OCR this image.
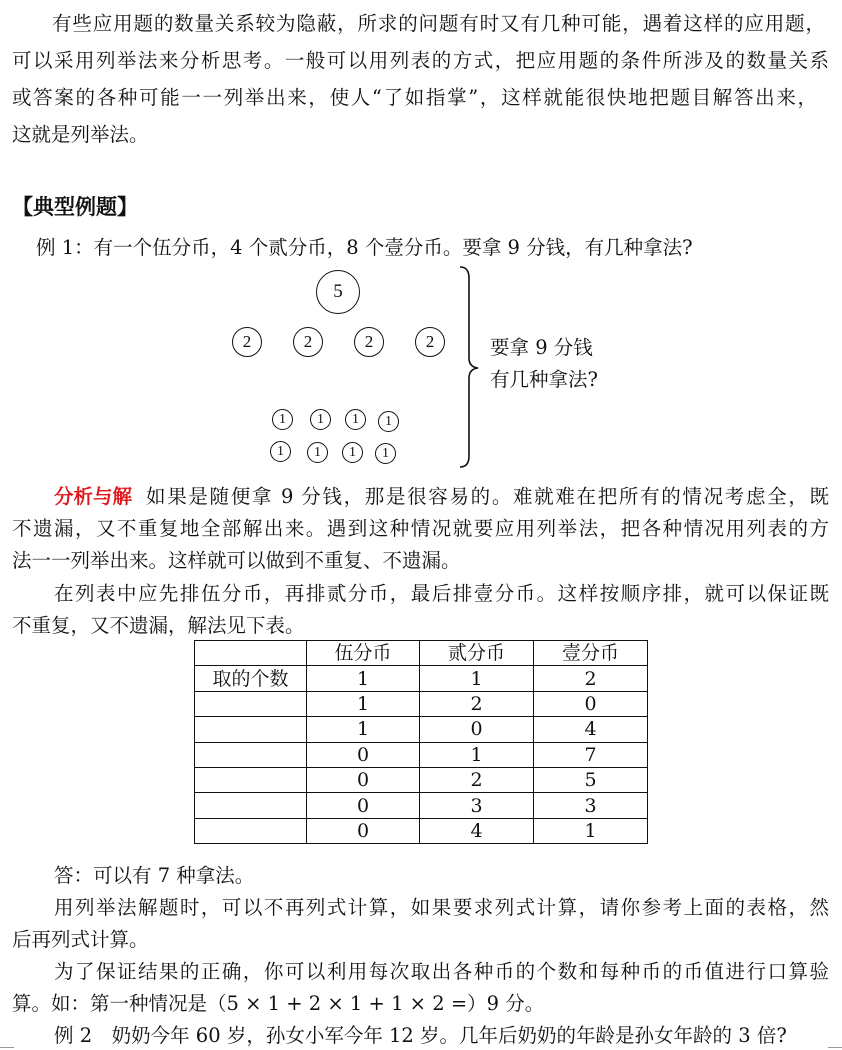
有些应用题的数量关系较为隐蔽，所求的问题有时又有几种可能，遇着这样的应用题，
可以采用列举法来分析思考。一般可以用列表的方式，把应用题的条件所涉及的数量关系
或答案的各种可能一一列举出来，使人“了如指掌”，这样就能很快地把题目解答出来，
这就是列举法。
【典型例题】
例 1：有一个伍分币，4 个贰分币，8 个壹分币。要拿 9 分钱，有几种拿法?
5
2	2	2	2
1	1	1	1
1	1	1	1
要拿 9 分钱
有几种拿法?
分析与解 如果是随便拿 9 分钱，那是很容易的。难就难在把所有的情况考虑全，既
不遗漏，又不重复地全部解出来。遇到这种情况就要应用列举法，把各种情况用列表的方
法一一列举出来。这样就可以做到不重复、不遗漏。
在列表中应先排伍分币，再排贰分币，最后排壹分币。这样按顺序排，就可以保证既
不重复，又不遗漏，解法见下表。
	伍分币	贰分币	壹分币
取的个数	1	1	2
	1	2	0
	1	0	4
	0	1	7
	0	2	5
	0	3	3
	0	4	1
答：可以有 7 种拿法。
用列举法解题时，可以不再列式计算，如果要求列式计算，请你参考上面的表格，然
后再列式计算。
为了保证结果的正确，你可以利用每次取出各种币的个数和每种币的币值进行口算验
算。如：第一种情况是（5 × 1 + 2 × 1 + 1 × 2 =）9 分。
例 2　奶奶今年 60 岁，孙女小军今年 12 岁。几年后奶奶的年龄是孙女年龄的 3 倍?
